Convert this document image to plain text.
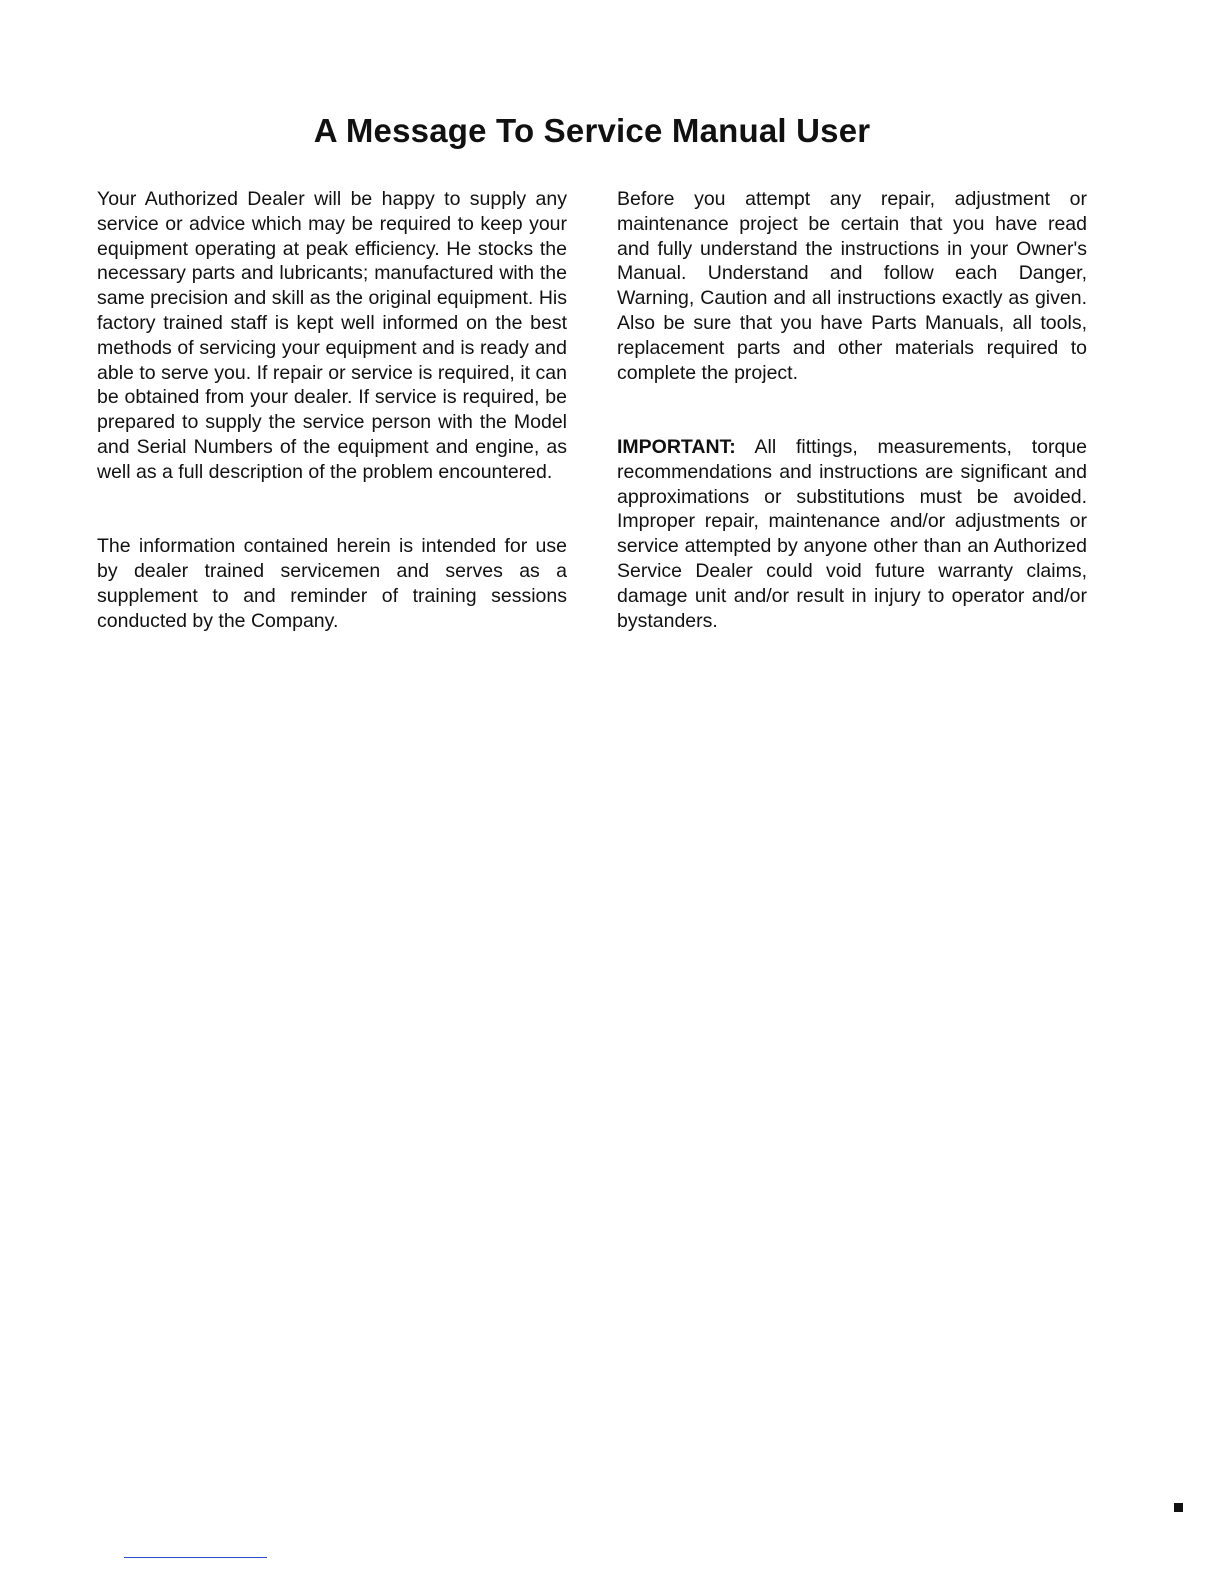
A Message To Service Manual User

Your Authorized Dealer will be happy to supply any service or advice which may be required to keep your equipment operating at peak efficiency. He stocks the necessary parts and lubricants; manufactured with the same precision and skill as the original equipment. His factory trained staff is kept well informed on the best methods of servicing your equipment and is ready and able to serve you. If repair or service is required, it can be obtained from your dealer. If service is required, be prepared to supply the service person with the Model and Serial Numbers of the equipment and engine, as well as a full description of the problem encountered.

The information contained herein is intended for use by dealer trained servicemen and serves as a supplement to and reminder of training sessions conducted by the Company.

Before you attempt any repair, adjustment or maintenance project be certain that you have read and fully understand the instructions in your Owner's Manual. Understand and follow each Danger, Warning, Caution and all instructions exactly as given. Also be sure that you have Parts Manuals, all tools, replacement parts and other materials required to complete the project.

IMPORTANT: All fittings, measurements, torque recommendations and instructions are significant and approximations or substitutions must be avoided. Improper repair, maintenance and/or adjustments or service attempted by anyone other than an Authorized Service Dealer could void future warranty claims, damage unit and/or result in injury to operator and/or bystanders.
